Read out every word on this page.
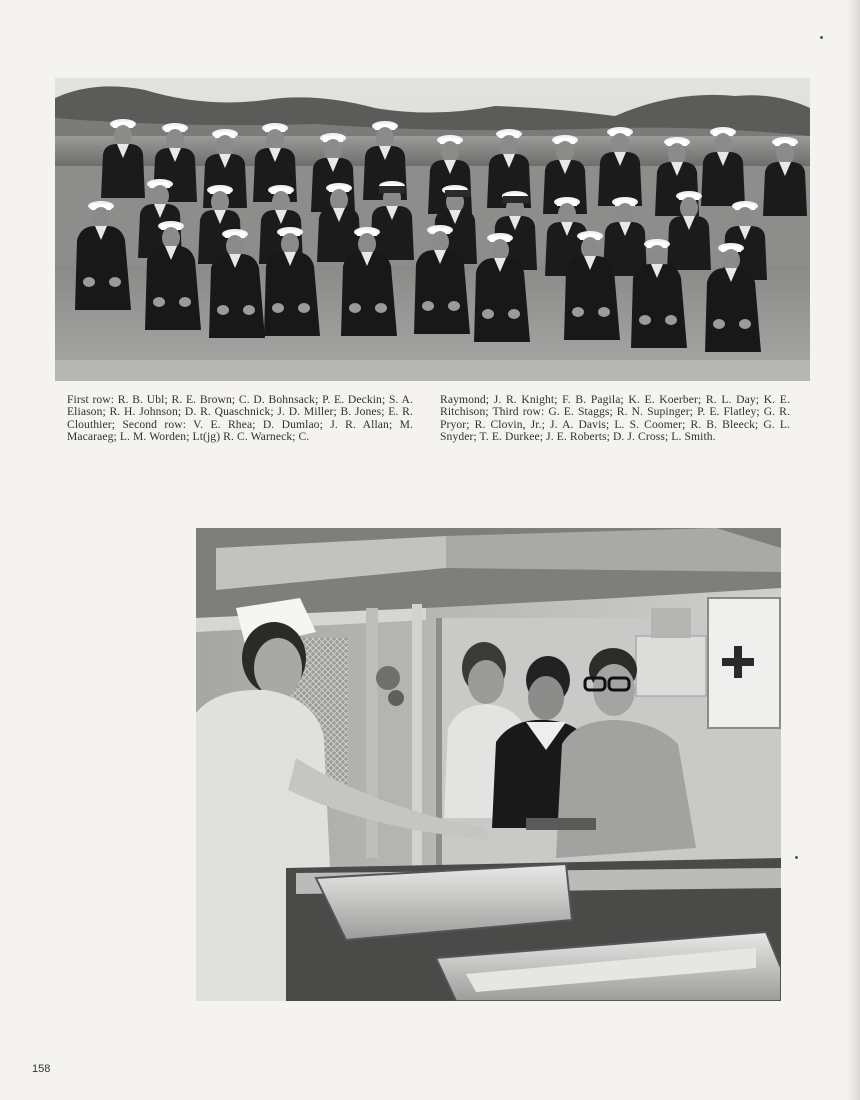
First row: R. B. Ubl; R. E. Brown; C. D. Bohnsack; P. E. Deckin; S. A. Eliason; R. H. Johnson; D. R. Quaschnick; J. D. Miller; B. Jones; E. R. Clouthier; Second row: V. E. Rhea; D. Dumlao; J. R. Allan; M. Macaraeg; L. M. Worden; Lt(jg) R. C. Warneck; C.
Raymond; J. R. Knight; F. B. Pagila; K. E. Koerber; R. L. Day; K. E. Ritchison; Third row: G. E. Staggs; R. N. Supinger; P. E. Flatley; G. R. Pryor; R. Clovin, Jr.; J. A. Davis; L. S. Coomer; R. B. Bleeck; G. L. Snyder; T. E. Durkee; J. E. Roberts; D. J. Cross; L. Smith.
158
